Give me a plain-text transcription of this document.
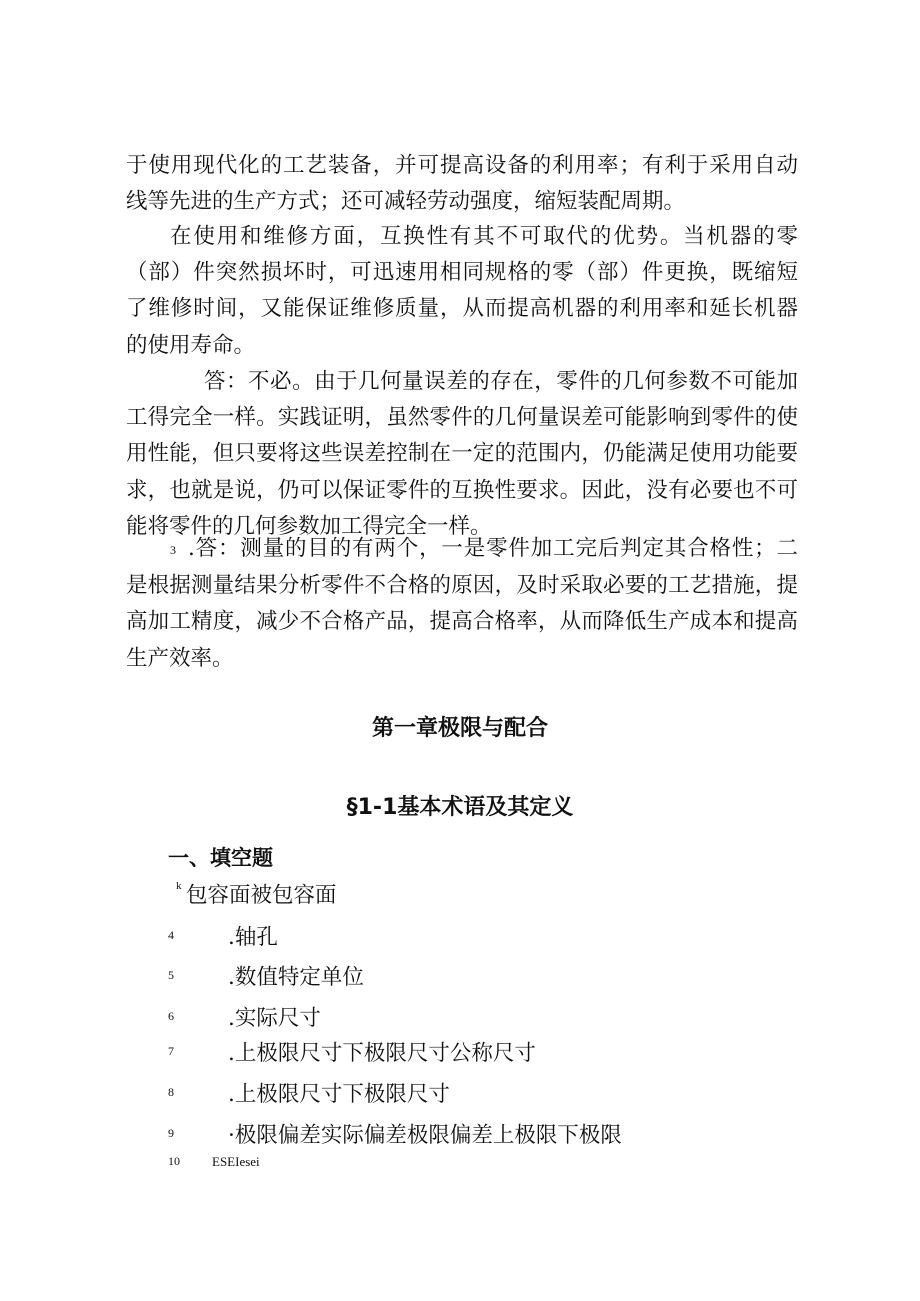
于使用现代化的工艺装备，并可提高设备的利用率；有利于采用自动
线等先进的生产方式；还可减轻劳动强度，缩短装配周期。

在使用和维修方面，互换性有其不可取代的优势。当机器的零
（部）件突然损坏时，可迅速用相同规格的零（部）件更换，既缩短
了维修时间，又能保证维修质量，从而提高机器的利用率和延长机器
的使用寿命。

答：不必。由于几何量误差的存在，零件的几何参数不可能加
工得完全一样。实践证明，虽然零件的几何量误差可能影响到零件的使
用性能，但只要将这些误差控制在一定的范围内，仍能满足使用功能要
求，也就是说，仍可以保证零件的互换性要求。因此，没有必要也不可
能将零件的几何参数加工得完全一样。

3 .答：测量的目的有两个，一是零件加工完后判定其合格性；二
是根据测量结果分析零件不合格的原因，及时采取必要的工艺措施，提
高加工精度，减少不合格产品，提高合格率，从而降低生产成本和提高
生产效率。

第一章极限与配合
§1-1基本术语及其定义
一、填空题
k 包容面被包容面
4	.轴孔
5	.数值特定单位
6	.实际尺寸
7	.上极限尺寸下极限尺寸公称尺寸
8	.上极限尺寸下极限尺寸
9	·极限偏差实际偏差极限偏差上极限下极限
10 ESEIesei
